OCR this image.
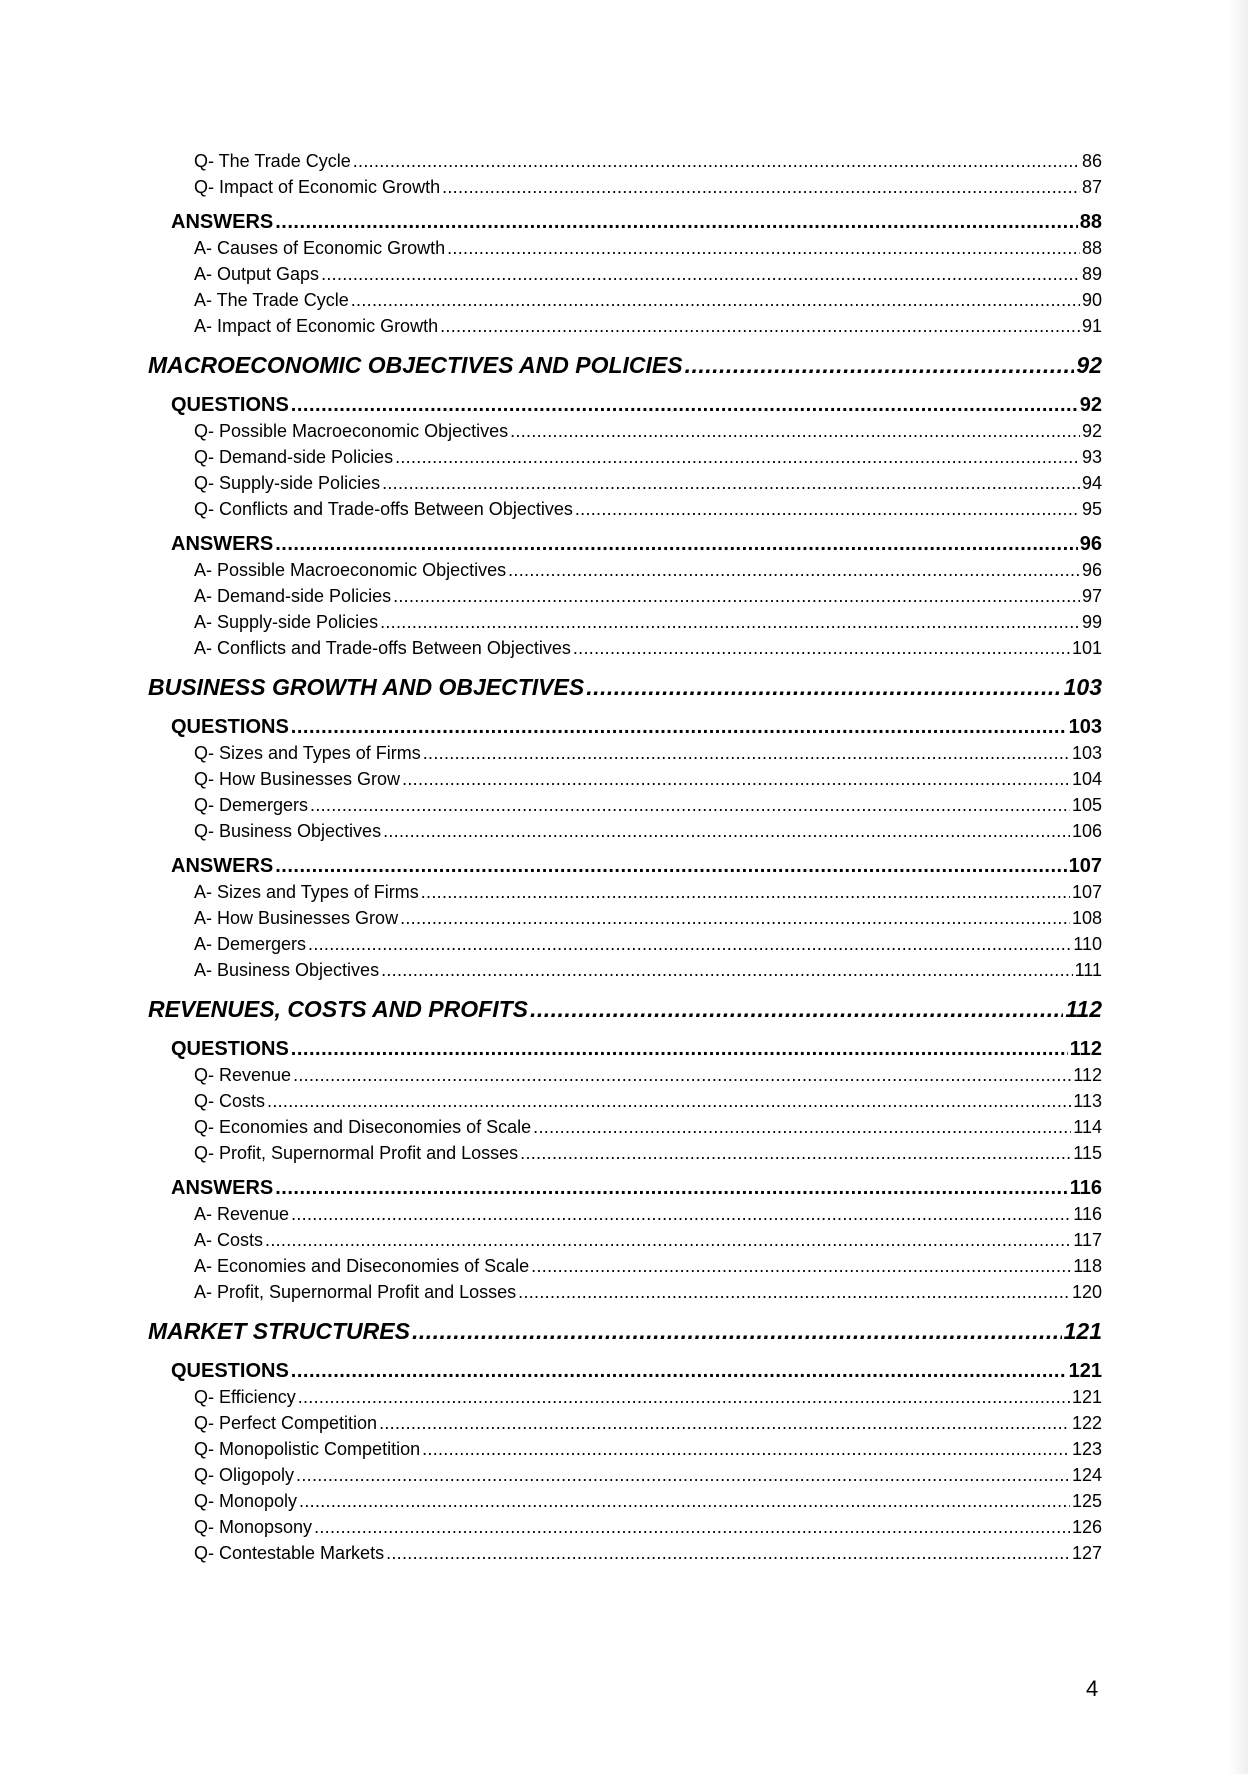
Q- The Trade Cycle .....	86
Q- Impact of Economic Growth .....	87
ANSWERS .....	88
A- Causes of Economic Growth .....	88
A- Output Gaps .....	89
A- The Trade Cycle .....	90
A- Impact of Economic Growth .....	91
MACROECONOMIC OBJECTIVES AND POLICIES .....	92
QUESTIONS .....	92
Q- Possible Macroeconomic Objectives .....	92
Q- Demand-side Policies .....	93
Q- Supply-side Policies .....	94
Q- Conflicts and Trade-offs Between Objectives .....	95
ANSWERS .....	96
A- Possible Macroeconomic Objectives .....	96
A- Demand-side Policies .....	97
A- Supply-side Policies .....	99
A- Conflicts and Trade-offs Between Objectives .....	101
BUSINESS GROWTH AND OBJECTIVES .....	103
QUESTIONS .....	103
Q- Sizes and Types of Firms .....	103
Q- How Businesses Grow .....	104
Q- Demergers .....	105
Q- Business Objectives .....	106
ANSWERS .....	107
A- Sizes and Types of Firms .....	107
A- How Businesses Grow .....	108
A- Demergers .....	110
A- Business Objectives .....	111
REVENUES, COSTS AND PROFITS .....	112
QUESTIONS .....	112
Q- Revenue .....	112
Q- Costs .....	113
Q- Economies and Diseconomies of Scale .....	114
Q- Profit, Supernormal Profit and Losses .....	115
ANSWERS .....	116
A- Revenue .....	116
A- Costs .....	117
A- Economies and Diseconomies of Scale .....	118
A- Profit, Supernormal Profit and Losses .....	120
MARKET STRUCTURES .....	121
QUESTIONS .....	121
Q- Efficiency .....	121
Q- Perfect Competition .....	122
Q- Monopolistic Competition .....	123
Q- Oligopoly .....	124
Q- Monopoly .....	125
Q- Monopsony .....	126
Q- Contestable Markets .....	127
4
